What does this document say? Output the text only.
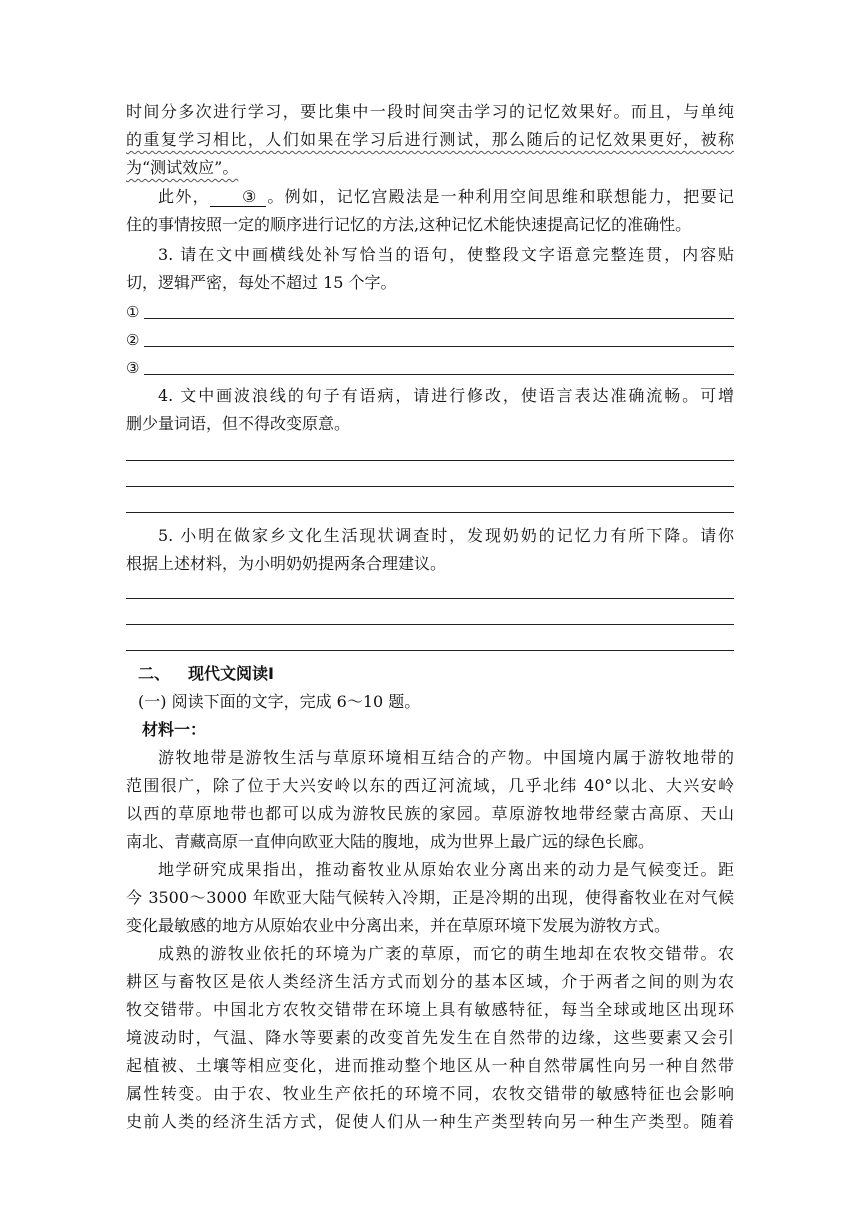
时间分多次进行学习，要比集中一段时间突击学习的记忆效果好。而且，与单纯

的重复学习相比，人们如果在学习后进行测试，那么随后的记忆效果更好，被称

为“测试效应”。

此外， ③ 。例如，记忆宫殿法是一种利用空间思维和联想能力，把要记

住的事情按照一定的顺序进行记忆的方法,这种记忆术能快速提高记忆的准确性。

3. 请在文中画横线处补写恰当的语句，使整段文字语意完整连贯，内容贴

切，逻辑严密，每处不超过 15 个字。

①
②
③

4. 文中画波浪线的句子有语病，请进行修改，使语言表达准确流畅。可增

删少量词语，但不得改变原意。

5. 小明在做家乡文化生活现状调查时，发现奶奶的记忆力有所下降。请你

根据上述材料，为小明奶奶提两条合理建议。

二、 现代文阅读Ⅰ

(一) 阅读下面的文字，完成 6～10 题。

材料一：

游牧地带是游牧生活与草原环境相互结合的产物。中国境内属于游牧地带的

范围很广，除了位于大兴安岭以东的西辽河流域，几乎北纬 40°以北、大兴安岭

以西的草原地带也都可以成为游牧民族的家园。草原游牧地带经蒙古高原、天山

南北、青藏高原一直伸向欧亚大陆的腹地，成为世界上最广远的绿色长廊。

地学研究成果指出，推动畜牧业从原始农业分离出来的动力是气候变迁。距

今 3500～3000 年欧亚大陆气候转入冷期，正是冷期的出现，使得畜牧业在对气候

变化最敏感的地方从原始农业中分离出来，并在草原环境下发展为游牧方式。

成熟的游牧业依托的环境为广袤的草原，而它的萌生地却在农牧交错带。农

耕区与畜牧区是依人类经济生活方式而划分的基本区域，介于两者之间的则为农

牧交错带。中国北方农牧交错带在环境上具有敏感特征，每当全球或地区出现环

境波动时，气温、降水等要素的改变首先发生在自然带的边缘，这些要素又会引

起植被、土壤等相应变化，进而推动整个地区从一种自然带属性向另一种自然带

属性转变。由于农、牧业生产依托的环境不同，农牧交错带的敏感特征也会影响

史前人类的经济生活方式，促使人们从一种生产类型转向另一种生产类型。随着
